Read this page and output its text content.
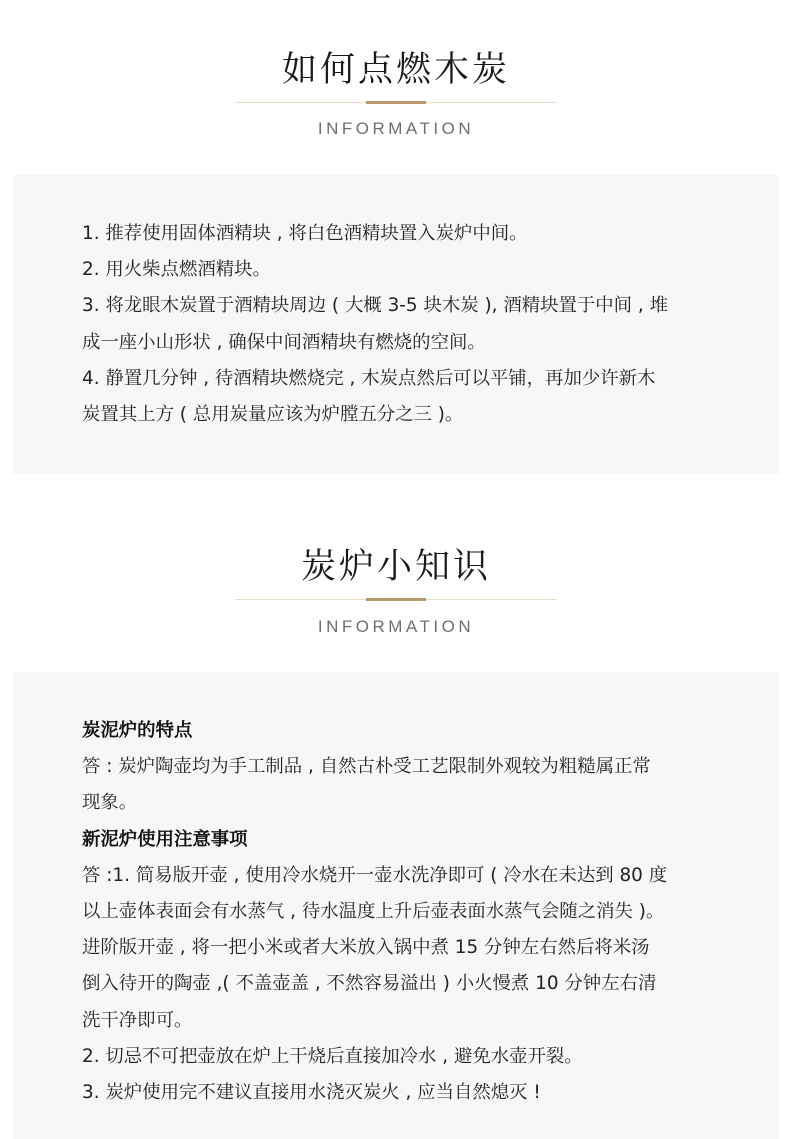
如何点燃木炭
INFORMATION

1. 推荐使用固体酒精块 , 将白色酒精块置入炭炉中间。

2. 用火柴点燃酒精块。

3. 将龙眼木炭置于酒精块周边 ( 大概 3-5 块木炭 ), 酒精块置于中间 , 堆

成一座小山形状 , 确保中间酒精块有燃烧的空间。

4. 静置几分钟 , 待酒精块燃烧完 , 木炭点然后可以平铺，再加少许新木

炭置其上方 ( 总用炭量应该为炉膛五分之三 )。

炭炉小知识
INFORMATION

炭泥炉的特点

答 : 炭炉陶壶均为手工制品 , 自然古朴受工艺限制外观较为粗糙属正常

现象。

新泥炉使用注意事项

答 :1. 简易版开壶 , 使用冷水烧开一壶水洗净即可 ( 冷水在未达到 80 度

以上壶体表面会有水蒸气 , 待水温度上升后壶表面水蒸气会随之消失 )。

进阶版开壶 , 将一把小米或者大米放入锅中煮 15 分钟左右然后将米汤

倒入待开的陶壶 ,( 不盖壶盖 , 不然容易溢出 ) 小火慢煮 10 分钟左右清

洗干净即可。

2. 切忌不可把壶放在炉上干烧后直接加冷水 , 避免水壶开裂。

3. 炭炉使用完不建议直接用水浇灭炭火 , 应当自然熄灭 !
